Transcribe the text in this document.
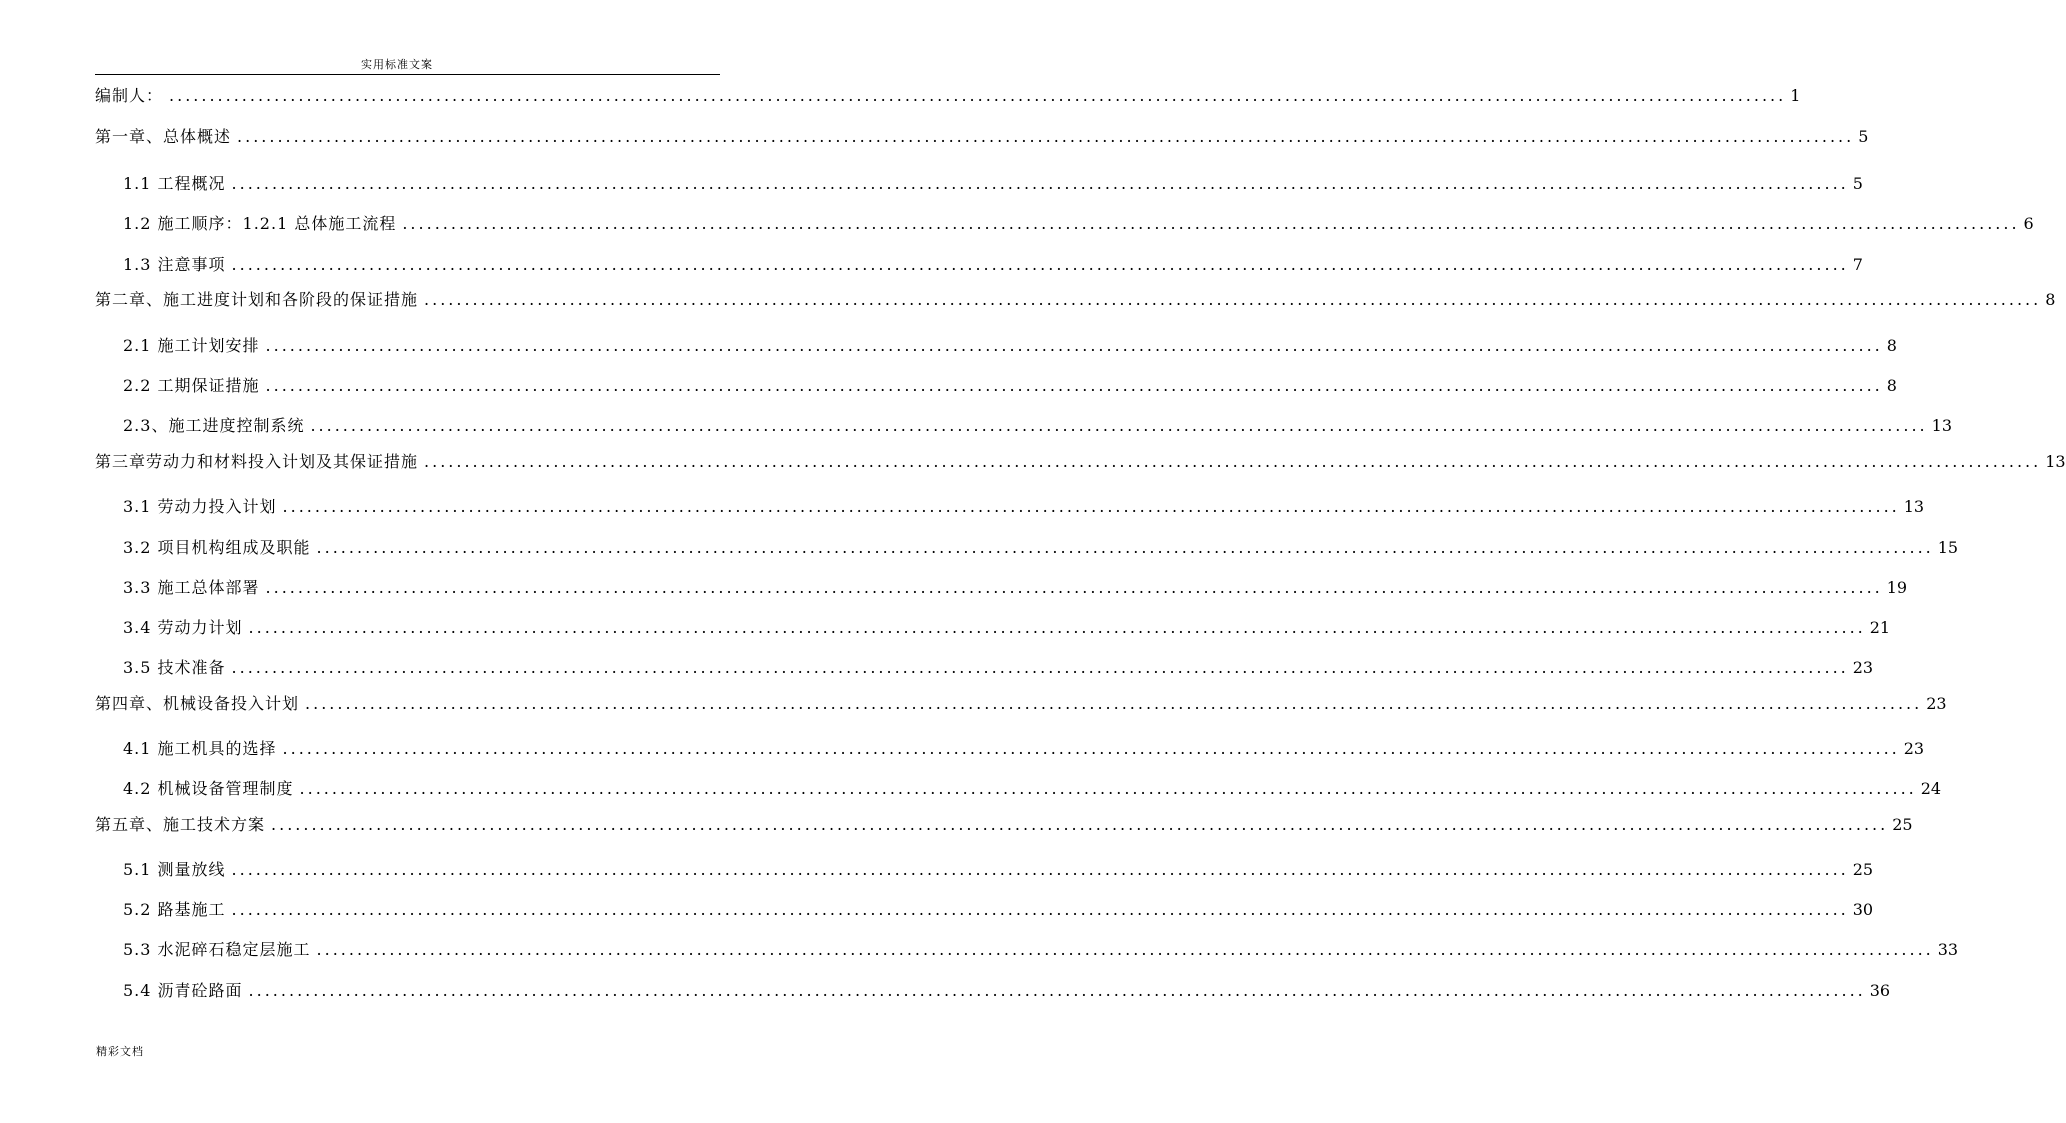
实用标准文案
编制人： ........................................................................................................................................................................................................ 1
第一章、总体概述 ........................................................................................................................................................................................................ 5
1.1 工程概况 ........................................................................................................................................................................................................ 5
1.2 施工顺序：1.2.1 总体施工流程 ........................................................................................................................................................................................................ 6
1.3 注意事项 ........................................................................................................................................................................................................ 7
第二章、施工进度计划和各阶段的保证措施 ........................................................................................................................................................................................................ 8
2.1 施工计划安排 ........................................................................................................................................................................................................ 8
2.2 工期保证措施 ........................................................................................................................................................................................................ 8
2.3、施工进度控制系统 ........................................................................................................................................................................................................ 13
第三章劳动力和材料投入计划及其保证措施 ........................................................................................................................................................................................................ 13
3.1 劳动力投入计划 ........................................................................................................................................................................................................ 13
3.2 项目机构组成及职能 ........................................................................................................................................................................................................ 15
3.3 施工总体部署 ........................................................................................................................................................................................................ 19
3.4 劳动力计划 ........................................................................................................................................................................................................ 21
3.5 技术准备 ........................................................................................................................................................................................................ 23
第四章、机械设备投入计划 ........................................................................................................................................................................................................ 23
4.1 施工机具的选择 ........................................................................................................................................................................................................ 23
4.2 机械设备管理制度 ........................................................................................................................................................................................................ 24
第五章、施工技术方案 ........................................................................................................................................................................................................ 25
5.1 测量放线 ........................................................................................................................................................................................................ 25
5.2 路基施工 ........................................................................................................................................................................................................ 30
5.3 水泥碎石稳定层施工 ........................................................................................................................................................................................................ 33
5.4 沥青砼路面 ........................................................................................................................................................................................................ 36
精彩文档
